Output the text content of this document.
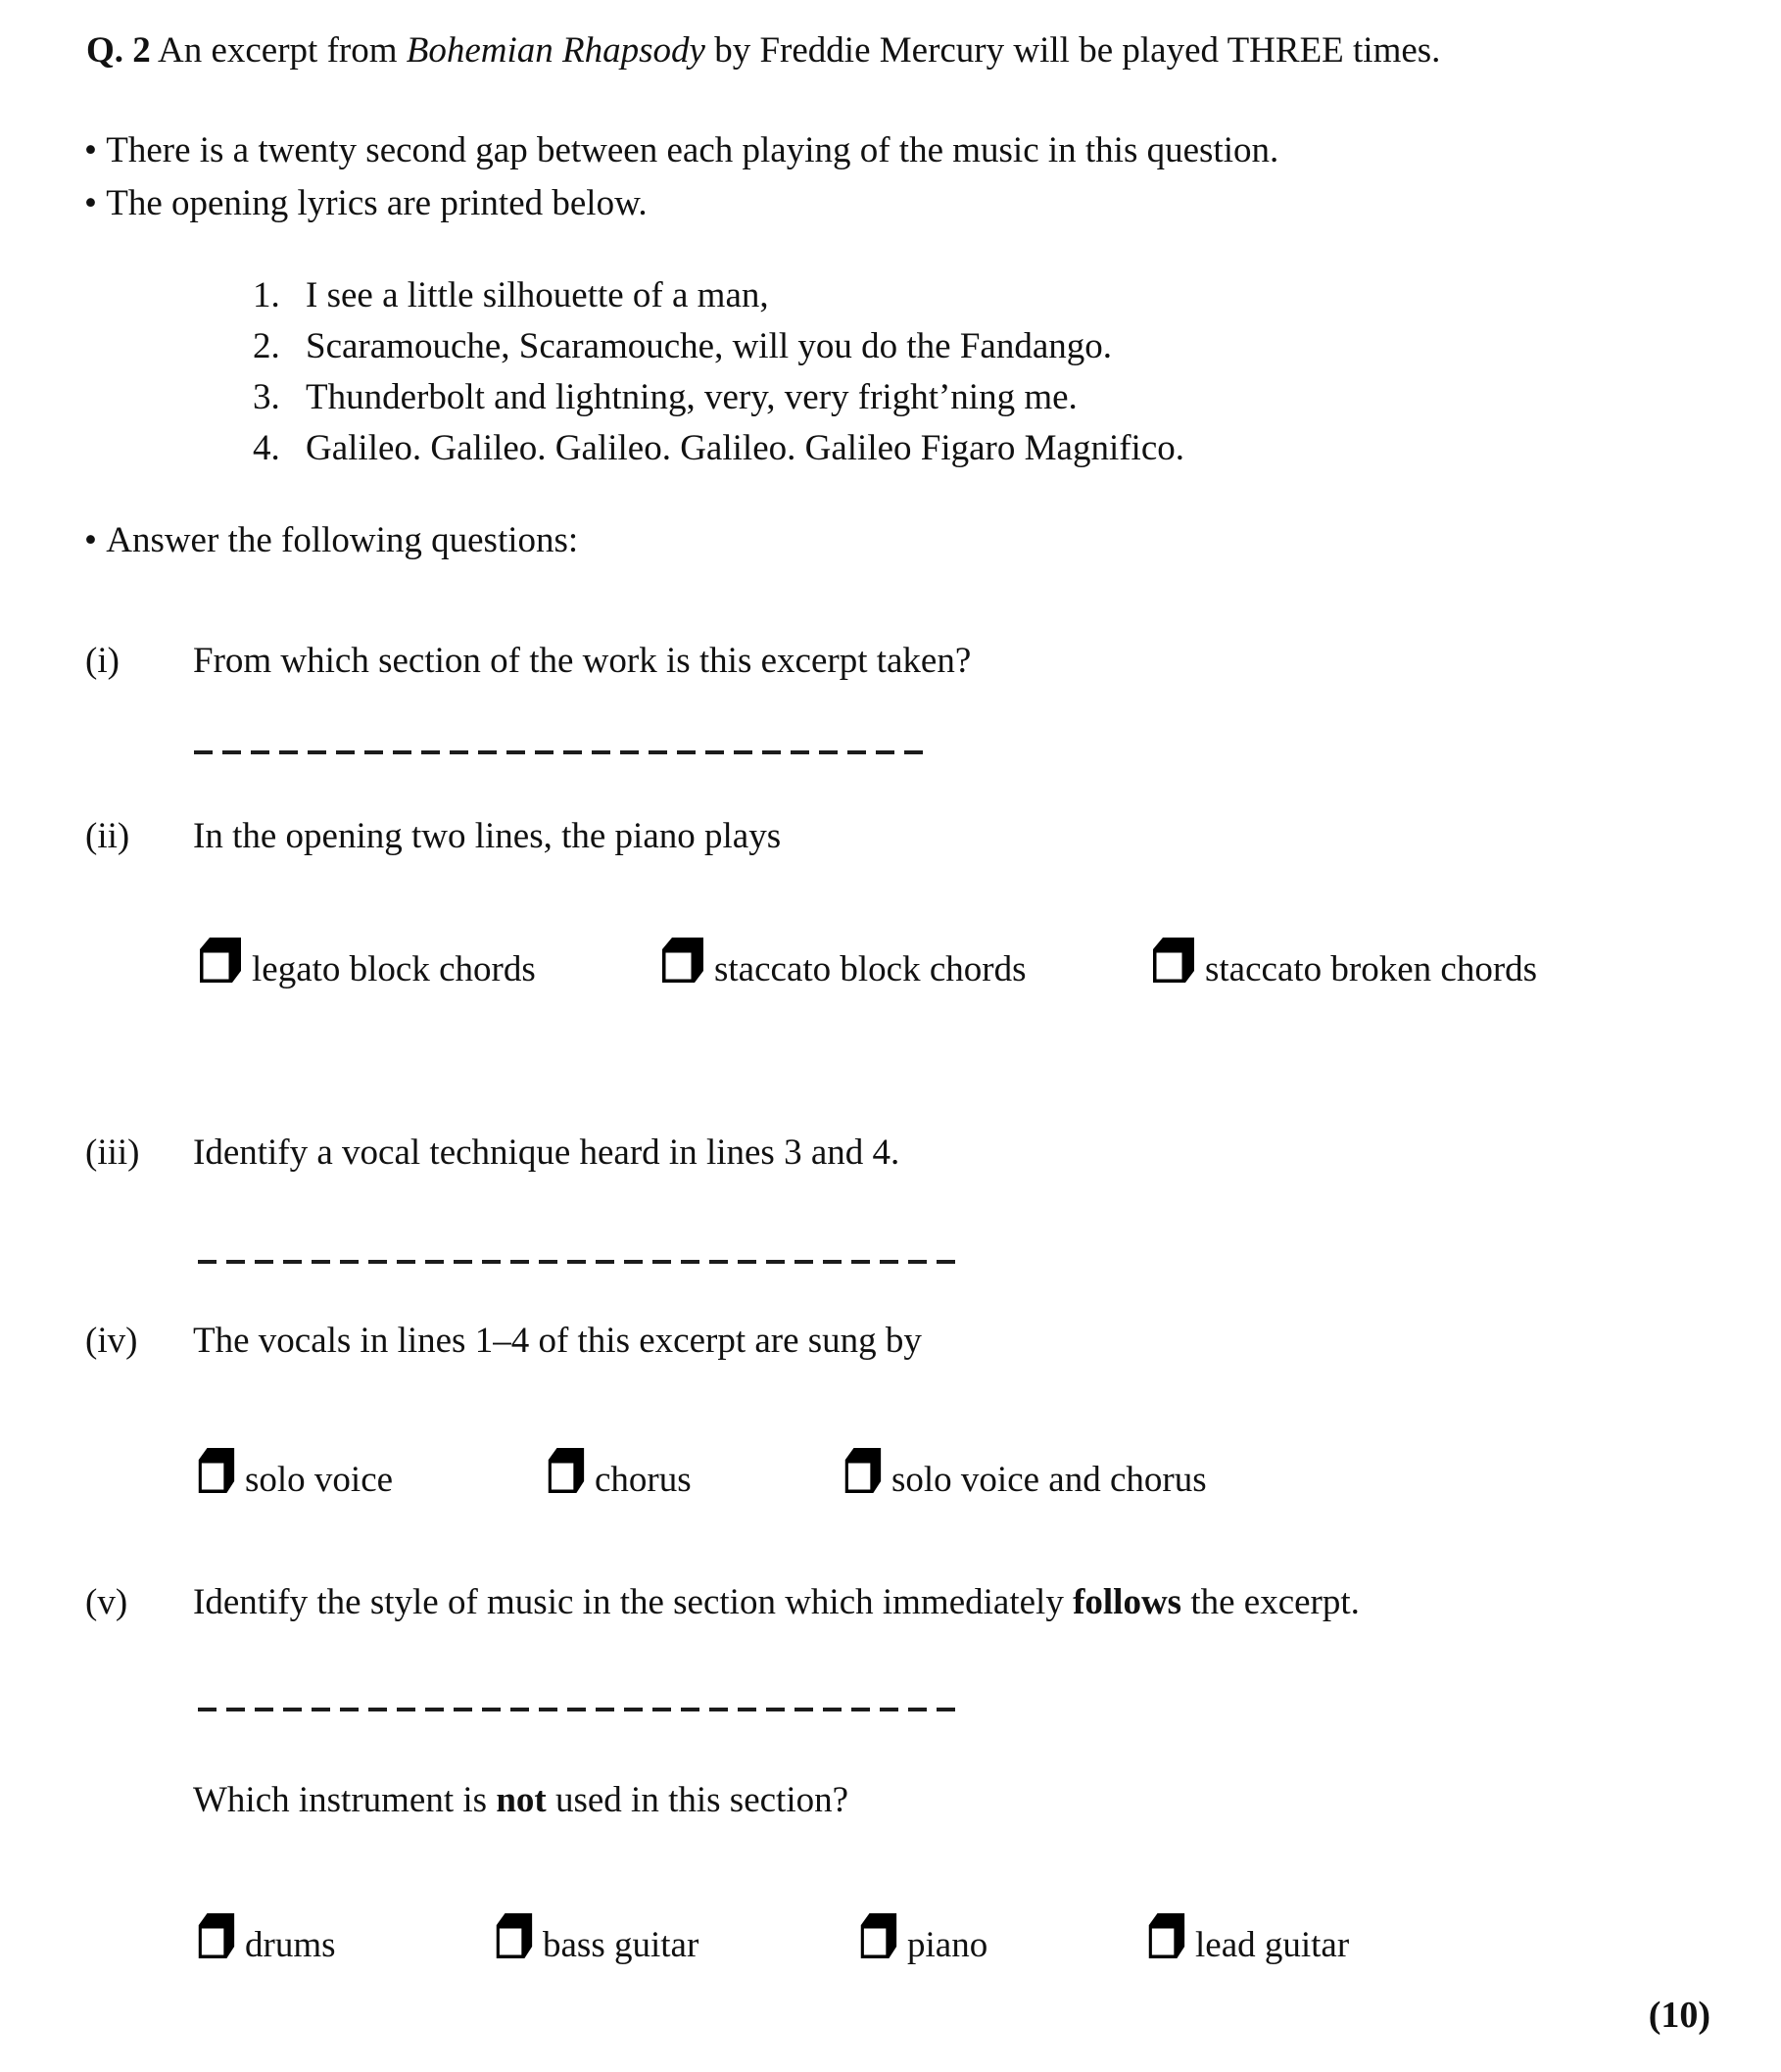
Q. 2 An excerpt from Bohemian Rhapsody by Freddie Mercury will be played THREE times.
• There is a twenty second gap between each playing of the music in this question.
• The opening lyrics are printed below.
1. I see a little silhouette of a man,
2. Scaramouche, Scaramouche, will you do the Fandango.
3. Thunderbolt and lightning, very, very fright’ning me.
4. Galileo. Galileo. Galileo. Galileo. Galileo Figaro Magnifico.
• Answer the following questions:
(i) From which section of the work is this excerpt taken?
(ii) In the opening two lines, the piano plays
legato block chords	staccato block chords	staccato broken chords
(iii) Identify a vocal technique heard in lines 3 and 4.
(iv) The vocals in lines 1–4 of this excerpt are sung by
solo voice	chorus	solo voice and chorus
(v) Identify the style of music in the section which immediately follows the excerpt.
Which instrument is not used in this section?
drums	bass guitar	piano	lead guitar
(10)
